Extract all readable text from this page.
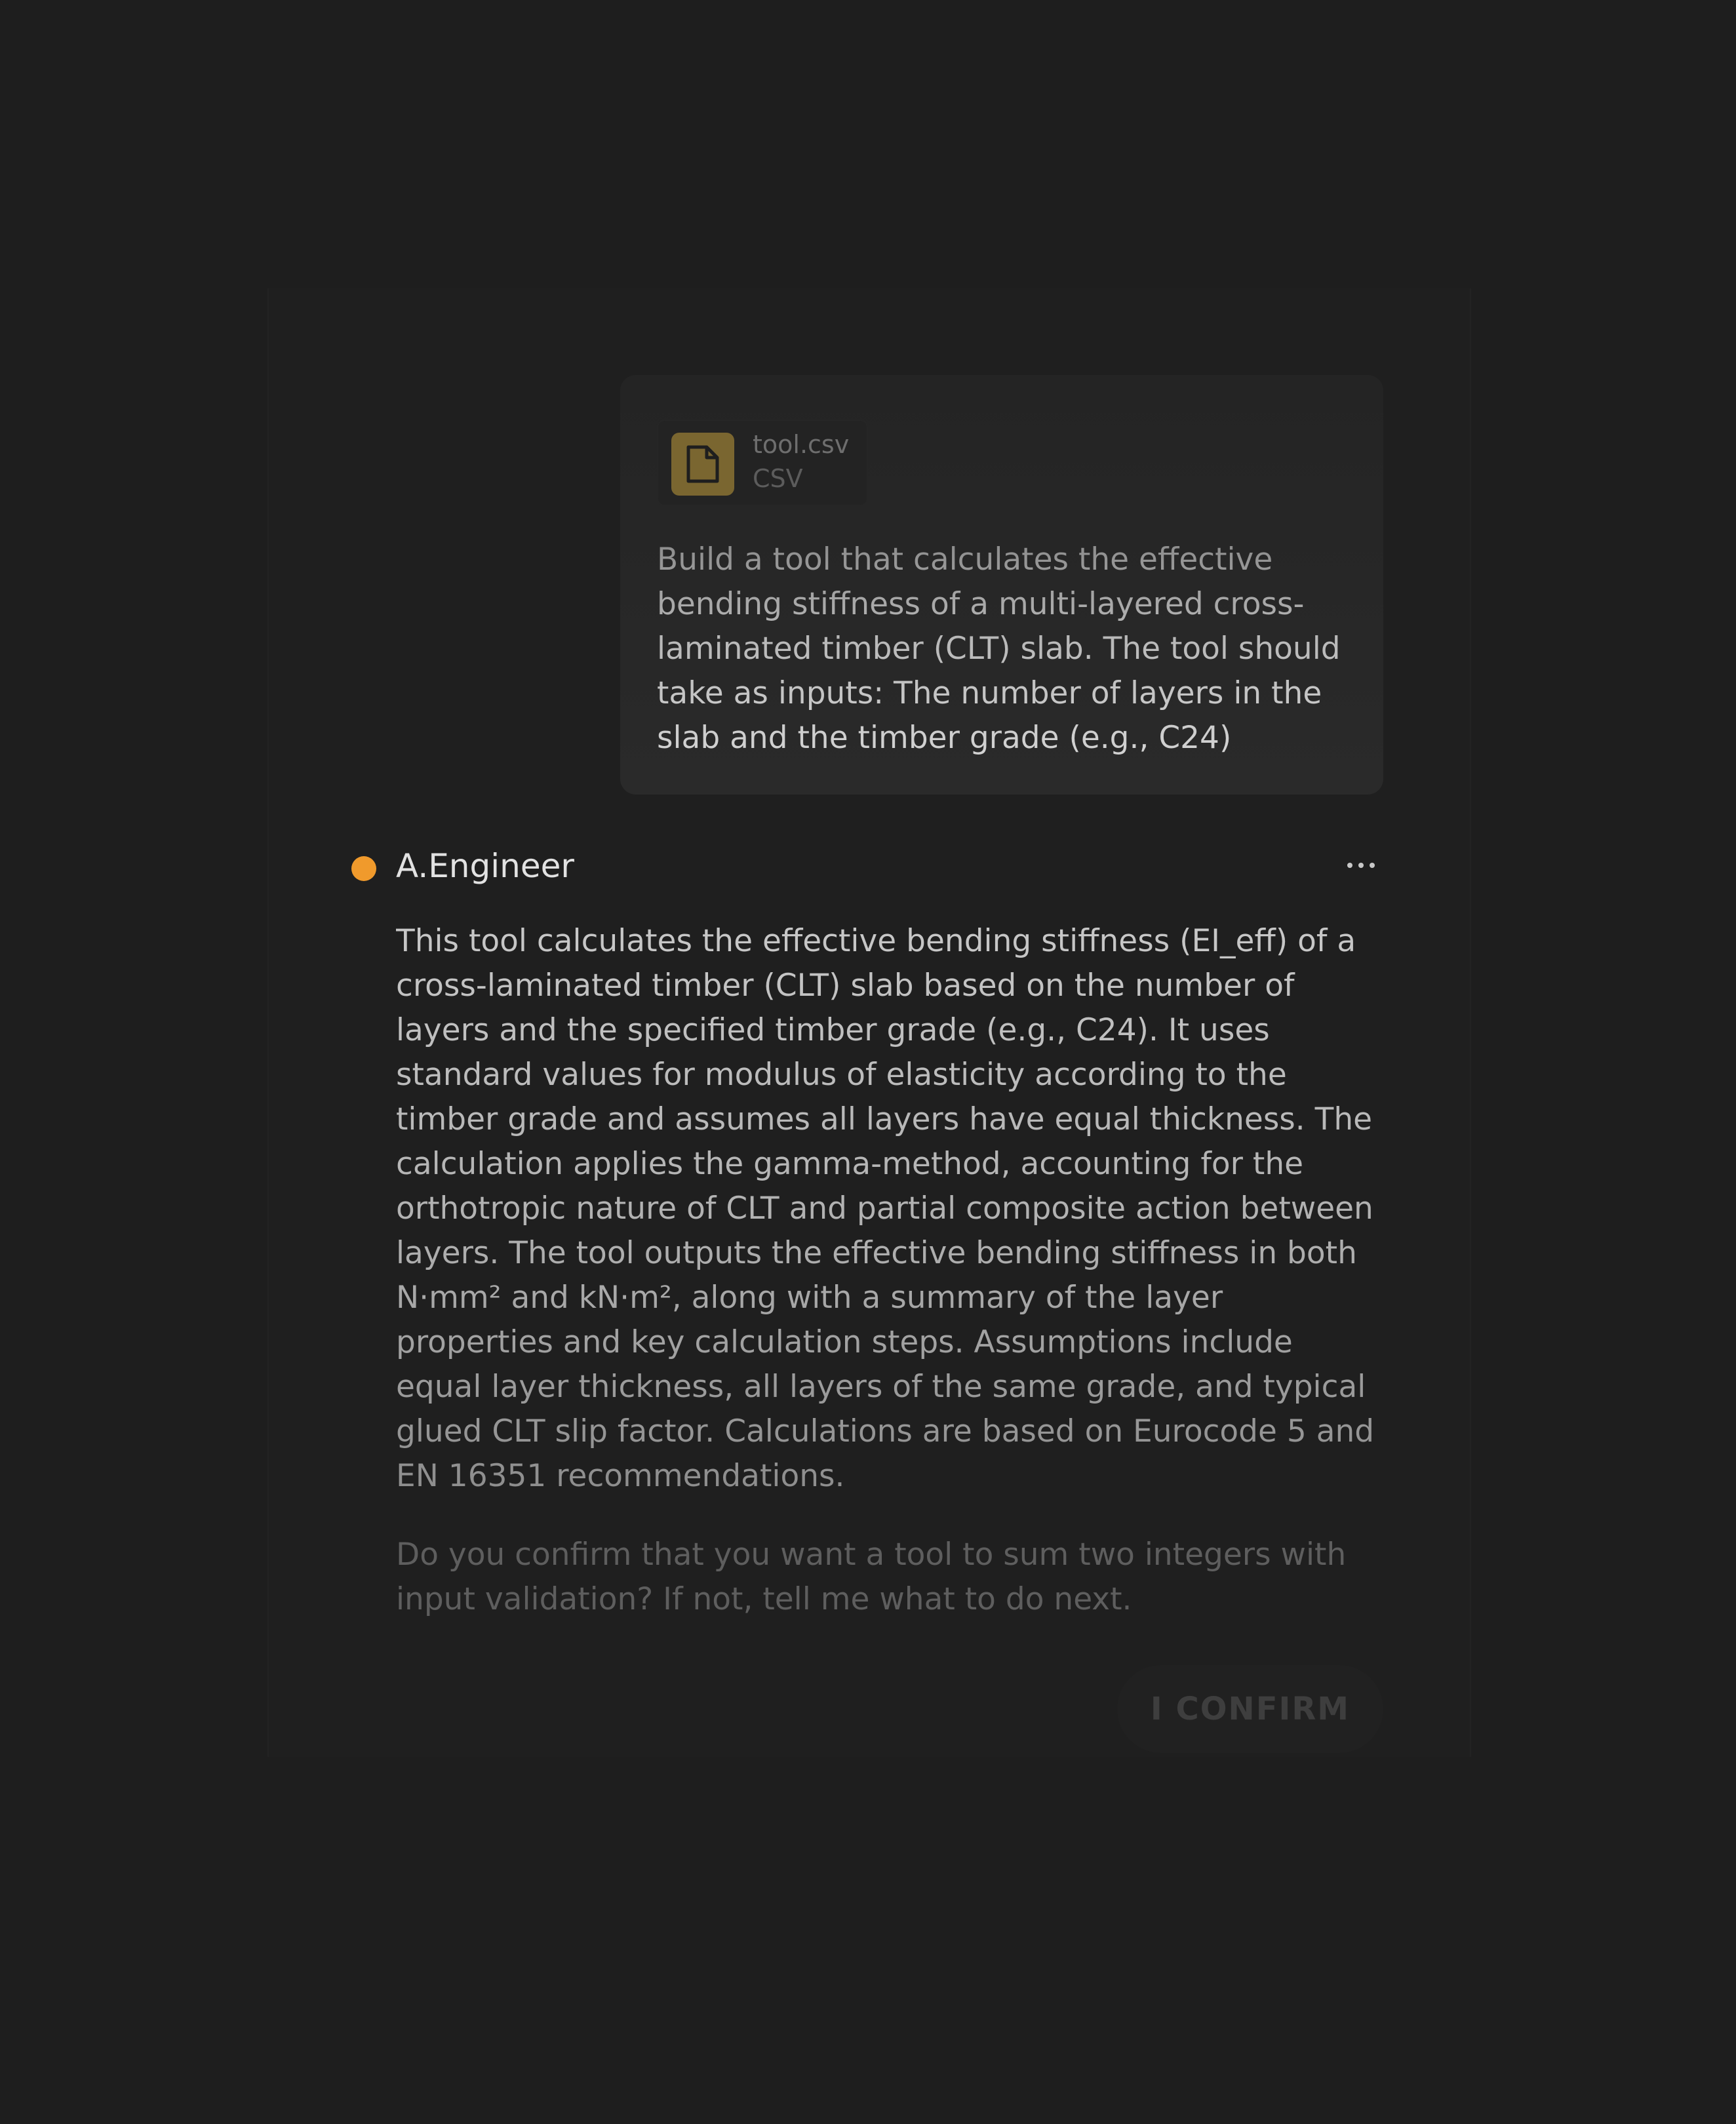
tool.csv
CSV

Build a tool that calculates the effective bending stiffness of a multi-layered cross-laminated timber (CLT) slab. The tool should take as inputs: The number of layers in the slab and the timber grade (e.g., C24)

A.Engineer

This tool calculates the effective bending stiffness (EI_eff) of a cross-laminated timber (CLT) slab based on the number of layers and the specified timber grade (e.g., C24). It uses standard values for modulus of elasticity according to the timber grade and assumes all layers have equal thickness. The calculation applies the gamma-method, accounting for the orthotropic nature of CLT and partial composite action between layers. The tool outputs the effective bending stiffness in both N·mm² and kN·m², along with a summary of the layer properties and key calculation steps. Assumptions include equal layer thickness, all layers of the same grade, and typical glued CLT slip factor. Calculations are based on Eurocode 5 and EN 16351 recommendations.

Do you confirm that you want a tool to sum two integers with input validation? If not, tell me what to do next.

I CONFIRM
